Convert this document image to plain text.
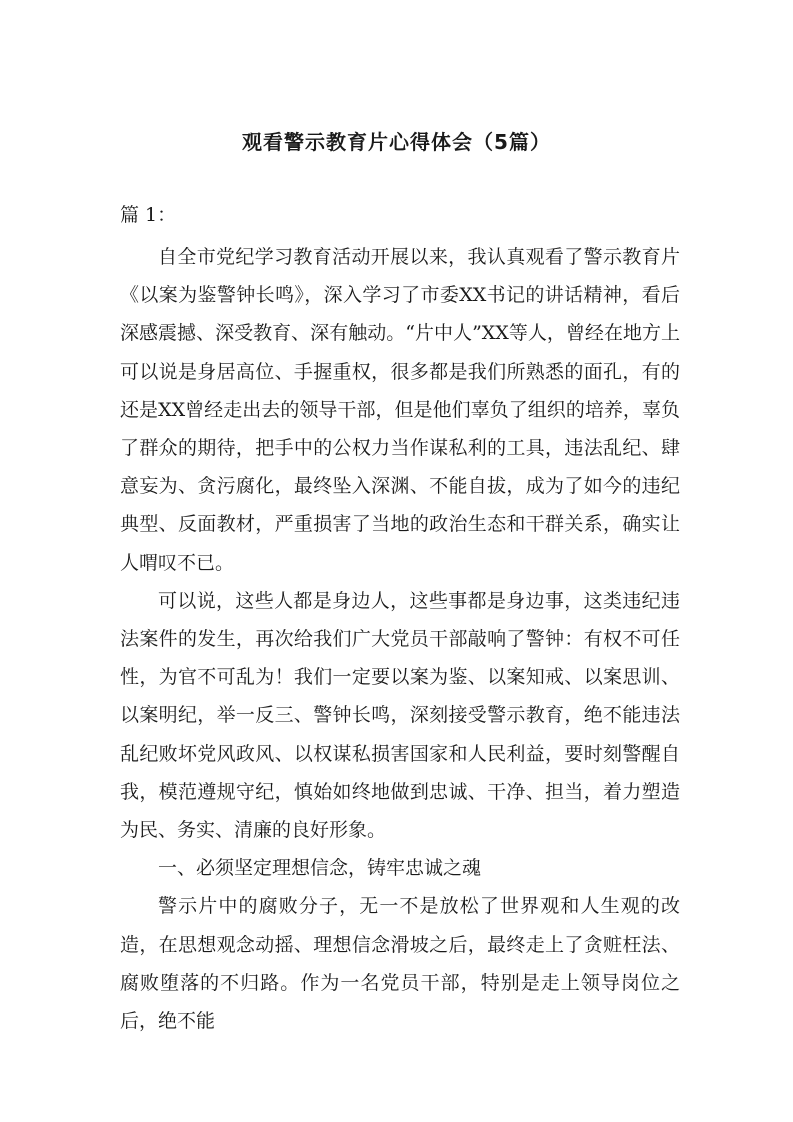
观看警示教育片心得体会（5篇）

篇 1：

自全市党纪学习教育活动开展以来，我认真观看了警示教育片《以案为鉴警钟长鸣》，深入学习了市委XX书记的讲话精神，看后深感震撼、深受教育、深有触动。“片中人”XX等人，曾经在地方上可以说是身居高位、手握重权，很多都是我们所熟悉的面孔，有的还是XX曾经走出去的领导干部，但是他们辜负了组织的培养，辜负了群众的期待，把手中的公权力当作谋私利的工具，违法乱纪、肆意妄为、贪污腐化，最终坠入深渊、不能自拔，成为了如今的违纪典型、反面教材，严重损害了当地的政治生态和干群关系，确实让人喟叹不已。

可以说，这些人都是身边人，这些事都是身边事，这类违纪违法案件的发生，再次给我们广大党员干部敲响了警钟：有权不可任性，为官不可乱为！我们一定要以案为鉴、以案知戒、以案思训、以案明纪，举一反三、警钟长鸣，深刻接受警示教育，绝不能违法乱纪败坏党风政风、以权谋私损害国家和人民利益，要时刻警醒自我，模范遵规守纪，慎始如终地做到忠诚、干净、担当，着力塑造为民、务实、清廉的良好形象。

一、必须坚定理想信念，铸牢忠诚之魂

警示片中的腐败分子，无一不是放松了世界观和人生观的改造，在思想观念动摇、理想信念滑坡之后，最终走上了贪赃枉法、腐败堕落的不归路。作为一名党员干部，特别是走上领导岗位之后，绝不能
